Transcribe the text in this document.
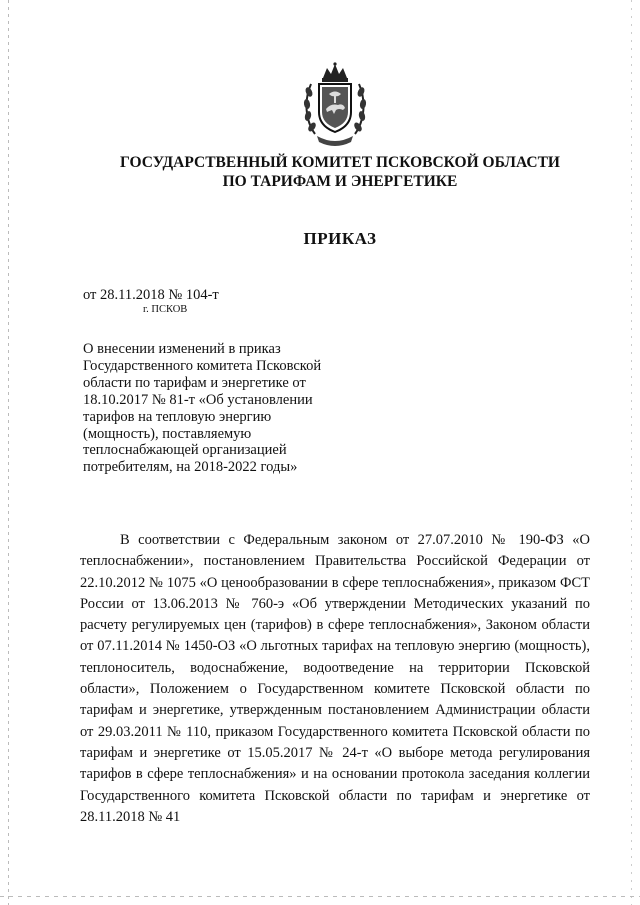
ГОСУДАРСТВЕННЫЙ КОМИТЕТ ПСКОВСКОЙ ОБЛАСТИ
ПО ТАРИФАМ И ЭНЕРГЕТИКЕ
ПРИКАЗ
от 28.11.2018 № 104-т
г. ПСКОВ
О внесении изменений в приказ
Государственного комитета Псковской
области по тарифам и энергетике от
18.10.2017 № 81-т «Об установлении
тарифов на тепловую энергию
(мощность), поставляемую
теплоснабжающей организацией
потребителям, на 2018-2022 годы»
В соответствии с Федеральным законом от 27.07.2010 № 190-ФЗ «О теплоснабжении», постановлением Правительства Российской Федерации от 22.10.2012 № 1075 «О ценообразовании в сфере теплоснабжения», приказом ФСТ России от 13.06.2013 № 760-э «Об утверждении Методических указаний по расчету регулируемых цен (тарифов) в сфере теплоснабжения», Законом области от 07.11.2014 № 1450-ОЗ «О льготных тарифах на тепловую энергию (мощность), теплоноситель, водоснабжение, водоотведение на территории Псковской области», Положением о Государственном комитете Псковской области по тарифам и энергетике, утвержденным постановлением Администрации области от 29.03.2011 № 110, приказом Государственного комитета Псковской области по тарифам и энергетике от 15.05.2017 № 24-т «О выборе метода регулирования тарифов в сфере теплоснабжения» и на основании протокола заседания коллегии Государственного комитета Псковской области по тарифам и энергетике от 28.11.2018 № 41
